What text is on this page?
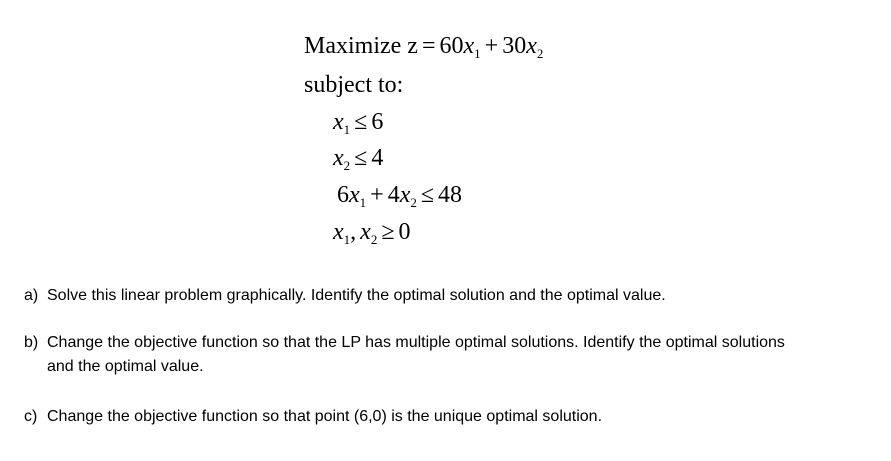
Maximize $z = 60x_1 + 30x_2$
subject to:
$x_1 \le 6$
$x_2 \le 4$
$6x_1 + 4x_2 \le 48$
$x_1$, $x_2 \ge 0$
a) Solve this linear problem graphically. Identify the optimal solution and the optimal value.
b) Change the objective function so that the LP has multiple optimal solutions. Identify the optimal solutions
and the optimal value.
c) Change the objective function so that point (6,0) is the unique optimal solution.
